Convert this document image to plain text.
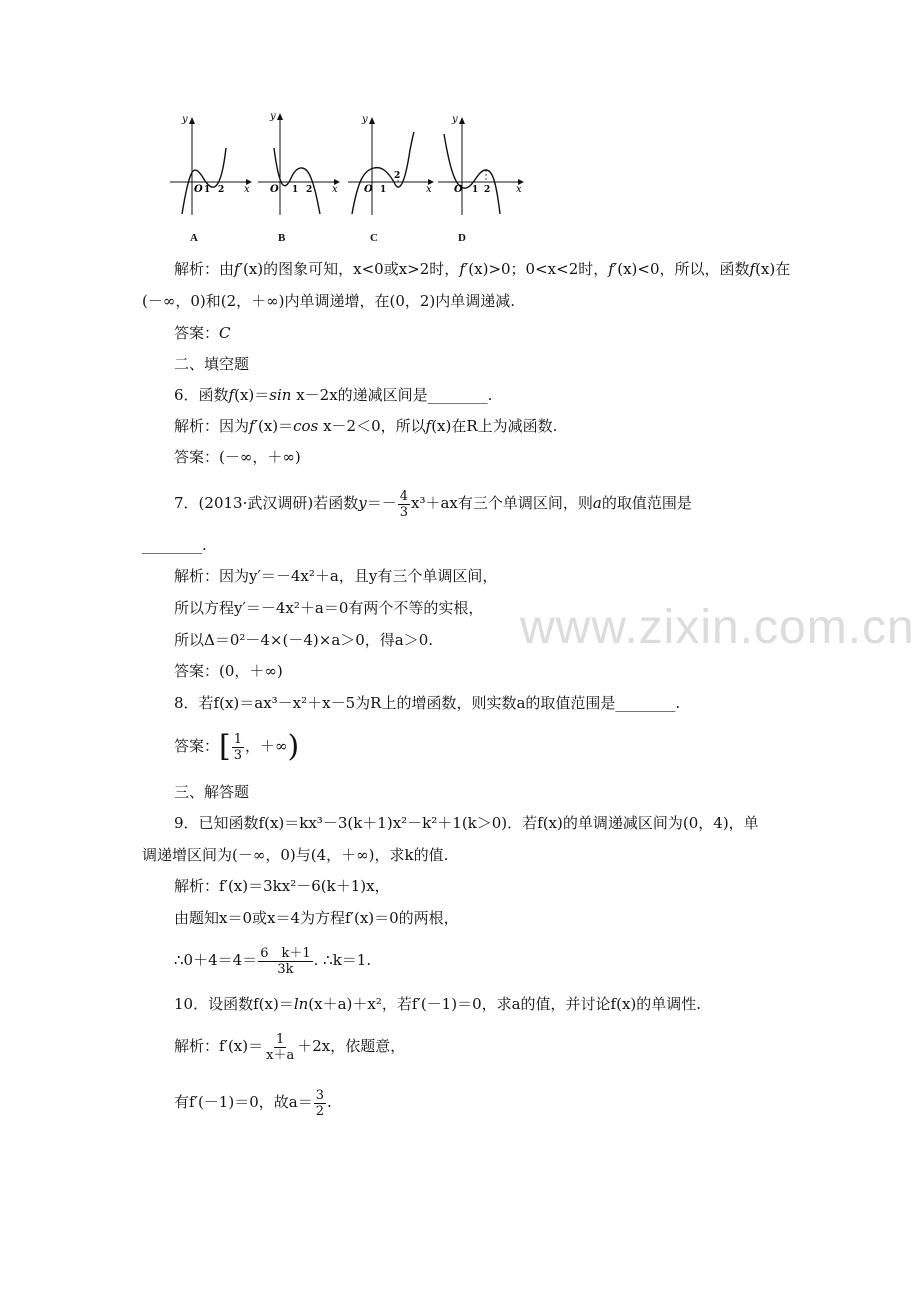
www.zixin.com.cn
y
x
O 1 2
A
y
x
O 1 2
B
y
x
O 1
2
C
y
x
O 1 2
D
解析：由f′(x)的图象可知，x<0或x>2时，f′(x)>0；0<x<2时，f′(x)<0，所以，函数f(x)在
(－∞，0)和(2，＋∞)内单调递增，在(0，2)内单调递减.
答案：C
二、填空题
6．函数f(x)＝sin x－2x的递减区间是________.
解析：因为f′(x)＝cos x－2＜0，所以f(x)在R上为减函数.
答案：(－∞，＋∞)
7．(2013·武汉调研)若函数$y=- \frac{4}{3} x^3+ax$有三个单调区间，则a的取值范围是
________.
解析：因为y′＝－4x²＋a，且y有三个单调区间，
所以方程y′＝－4x²＋a＝0有两个不等的实根，
所以Δ＝0²－4×(－4)×a＞0，得a＞0.
答案：(0，＋∞)
8．若f(x)＝ax³－x²＋x－5为R上的增函数，则实数a的取值范围是________.
答案：[ $\frac{1}{3}$ ，＋∞)
三、解答题
9．已知函数f(x)＝kx³－3(k＋1)x²－k²＋1(k＞0)．若f(x)的单调递减区间为(0，4)，单
调递增区间为(－∞，0)与(4，＋∞)，求k的值.
解析：f′(x)＝3kx²－6(k＋1)x，
由题知x＝0或x＝4为方程f′(x)＝0的两根，
∴0＋4＝4＝ $\frac{6 k+1}{3k}$ . ∴k＝1.
10．设函数f(x)＝ln(x＋a)＋x²，若f′(－1)＝0，求a的值，并讨论f(x)的单调性.
解析：$f'(x)= \frac{1}{x+a} +2x$，依题意，
有f′(－1)＝0，故$a= \frac{3}{2}$ .
